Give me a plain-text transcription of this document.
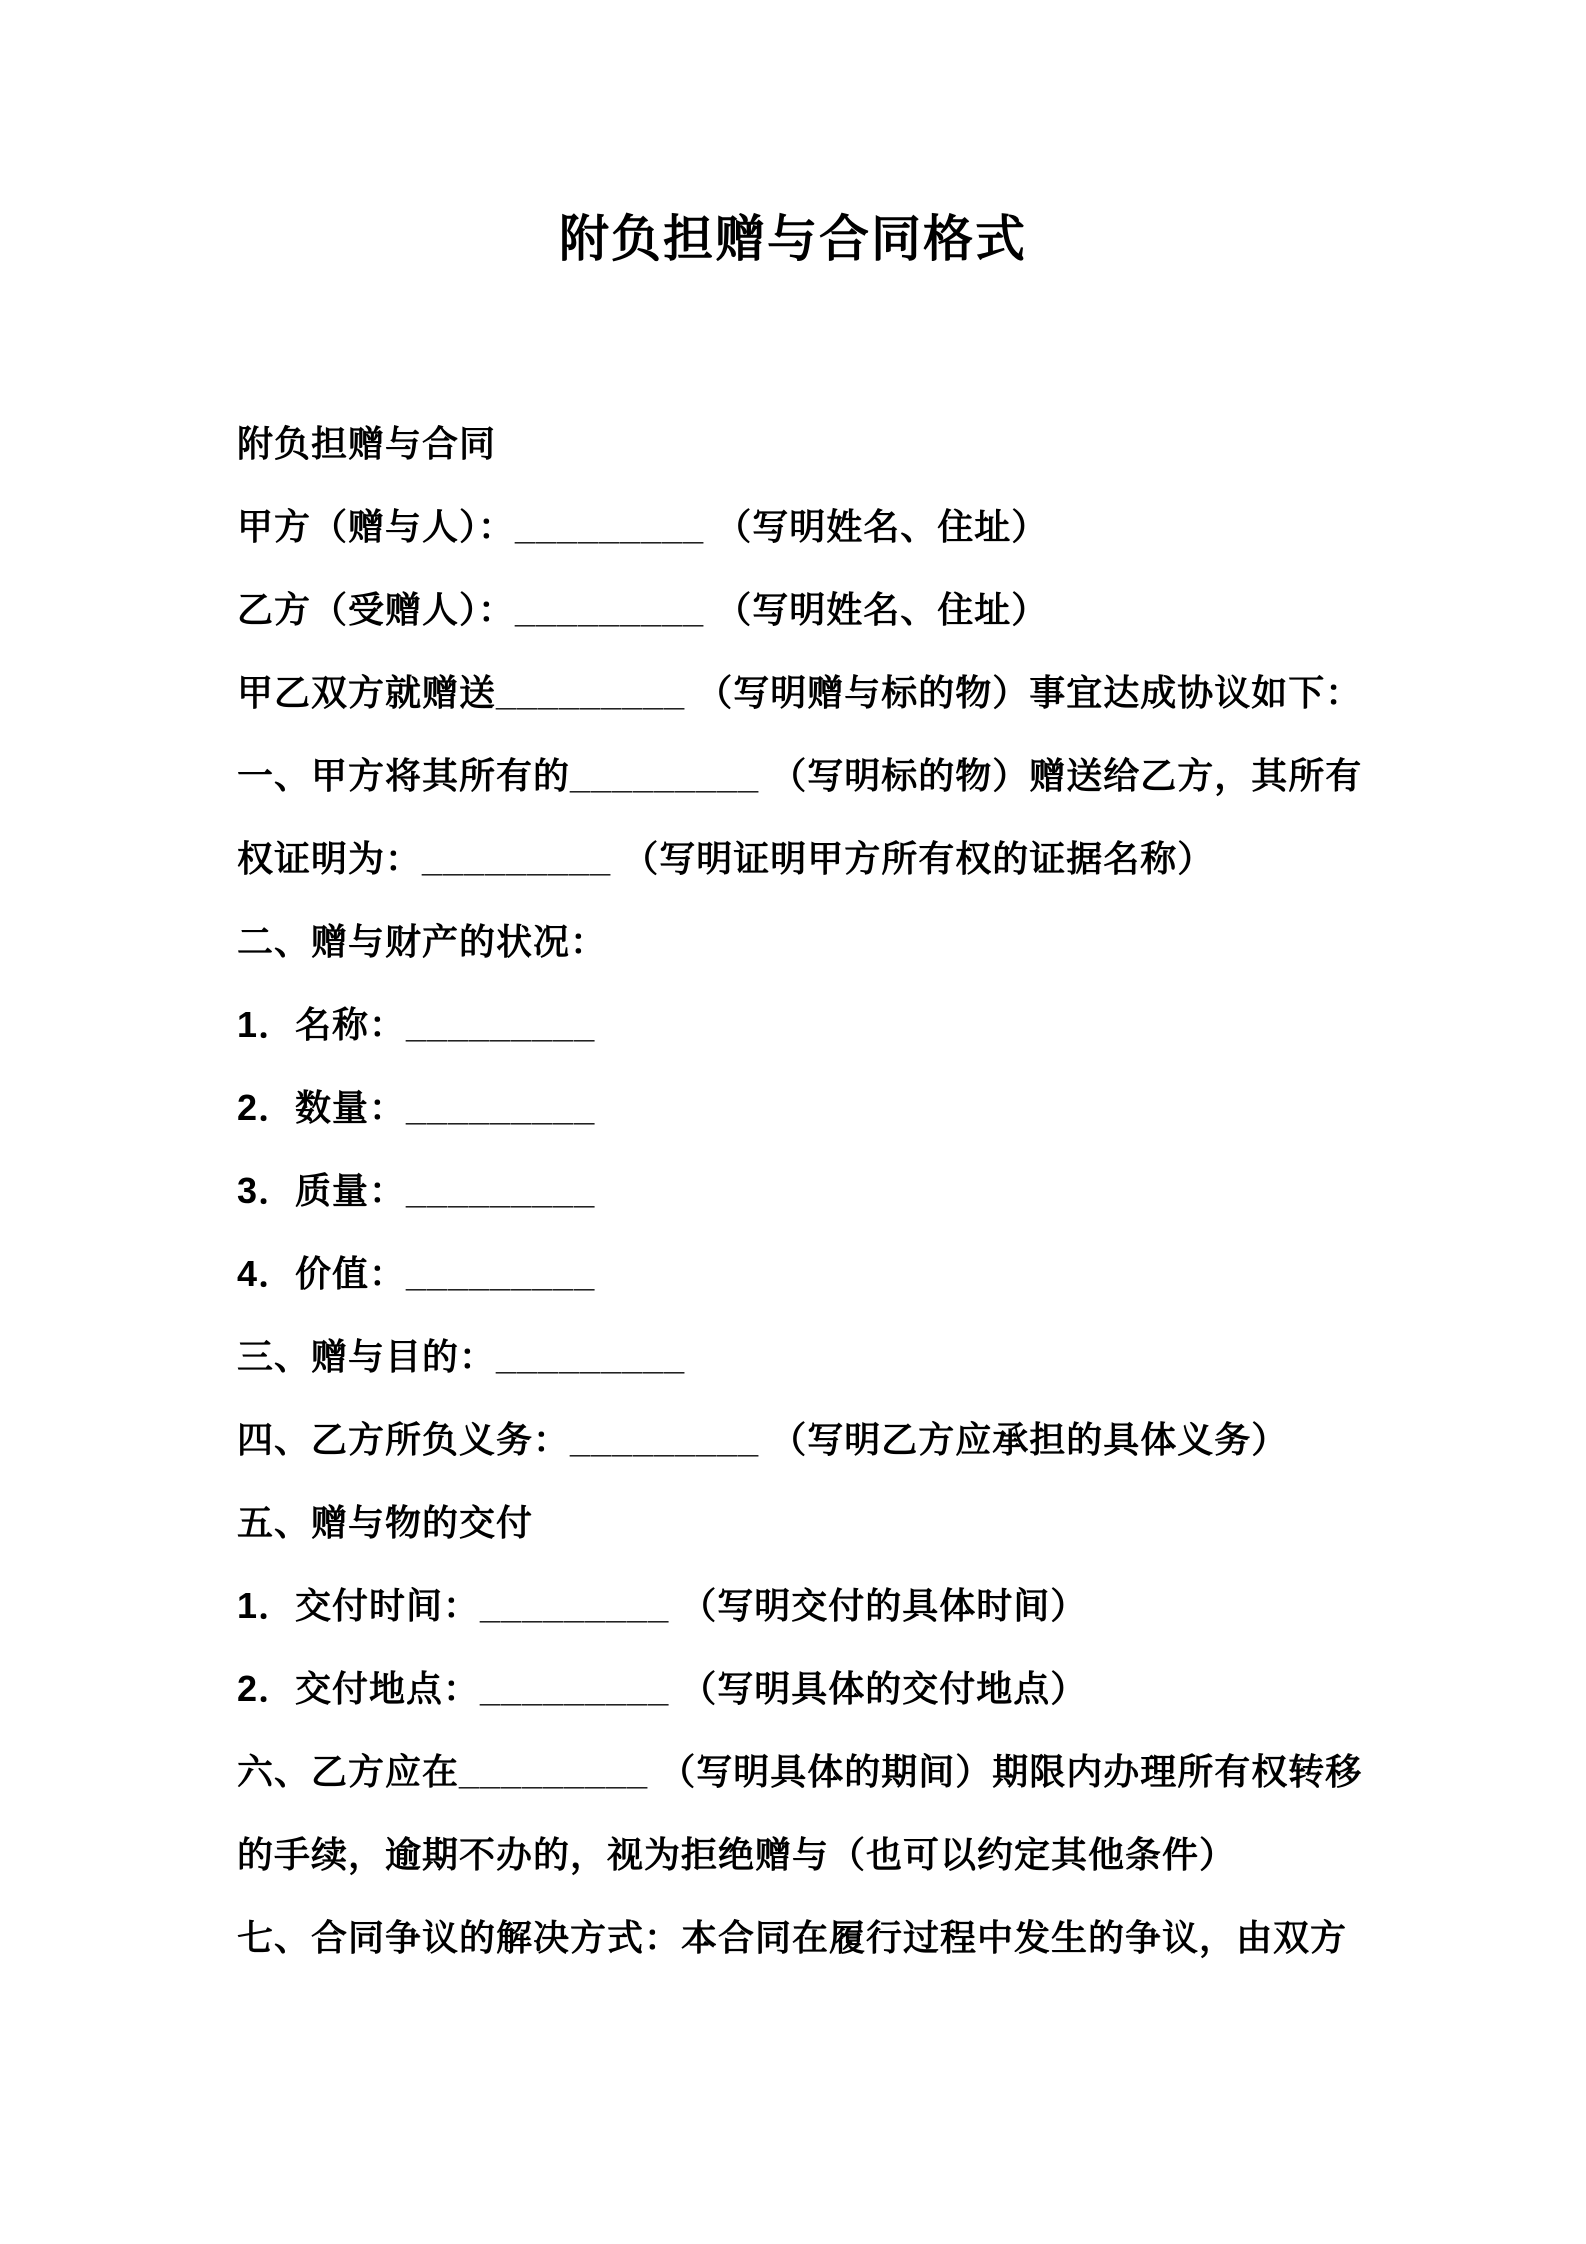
附负担赠与合同格式
附负担赠与合同
甲方（赠与人）：_________ （写明姓名、住址）
乙方（受赠人）：_________ （写明姓名、住址）
甲乙双方就赠送_________ （写明赠与标的物）事宜达成协议如下：
一、甲方将其所有的_________ （写明标的物）赠送给乙方，其所有
权证明为：_________ （写明证明甲方所有权的证据名称）
二、赠与财产的状况：
1．名称：_________
2．数量：_________
3．质量：_________
4．价值：_________
三、赠与目的：_________
四、乙方所负义务：_________ （写明乙方应承担的具体义务）
五、赠与物的交付
1．交付时间：_________ （写明交付的具体时间）
2．交付地点：_________ （写明具体的交付地点）
六、乙方应在_________ （写明具体的期间）期限内办理所有权转移
的手续，逾期不办的，视为拒绝赠与（也可以约定其他条件）
七、合同争议的解决方式：本合同在履行过程中发生的争议，由双方
